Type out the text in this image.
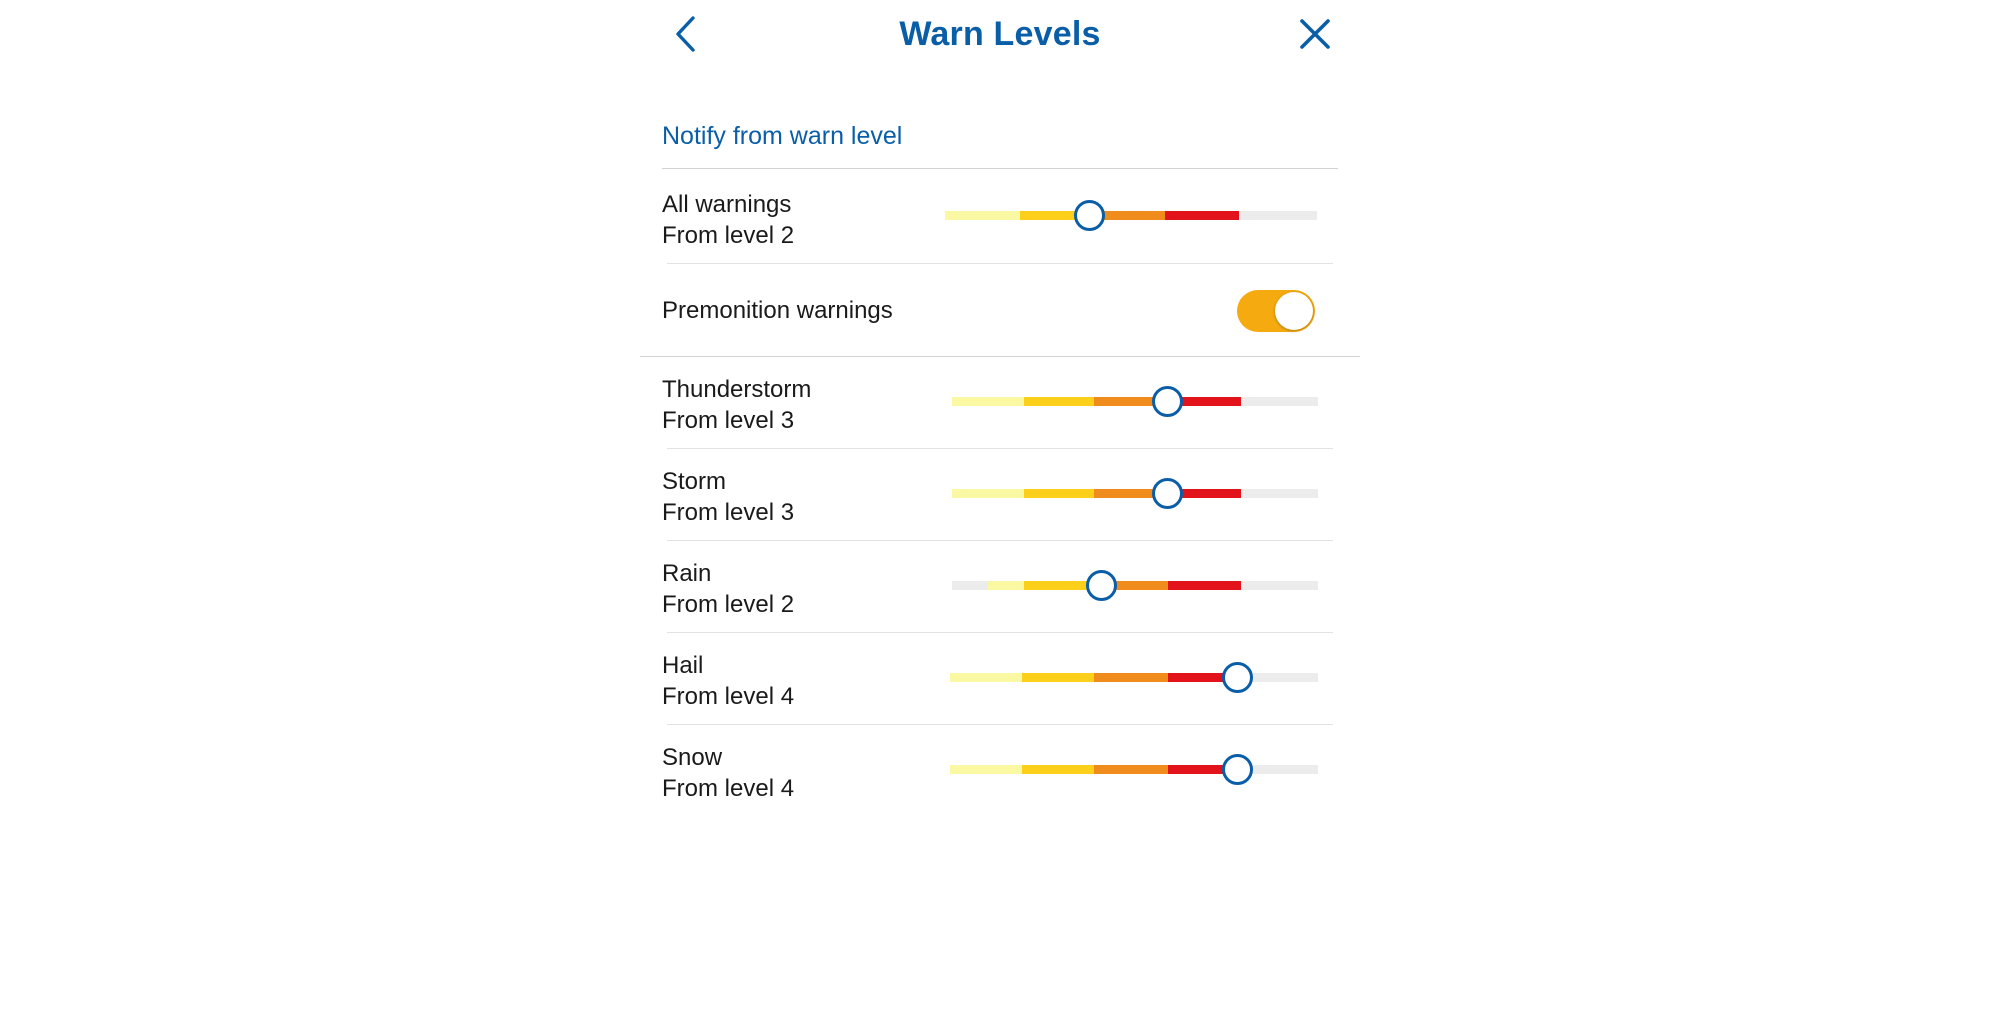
Warn Levels
Notify from warn level
All warnings
From level 2
Premonition warnings
Thunderstorm
From level 3
Storm
From level 3
Rain
From level 2
Hail
From level 4
Snow
From level 4
